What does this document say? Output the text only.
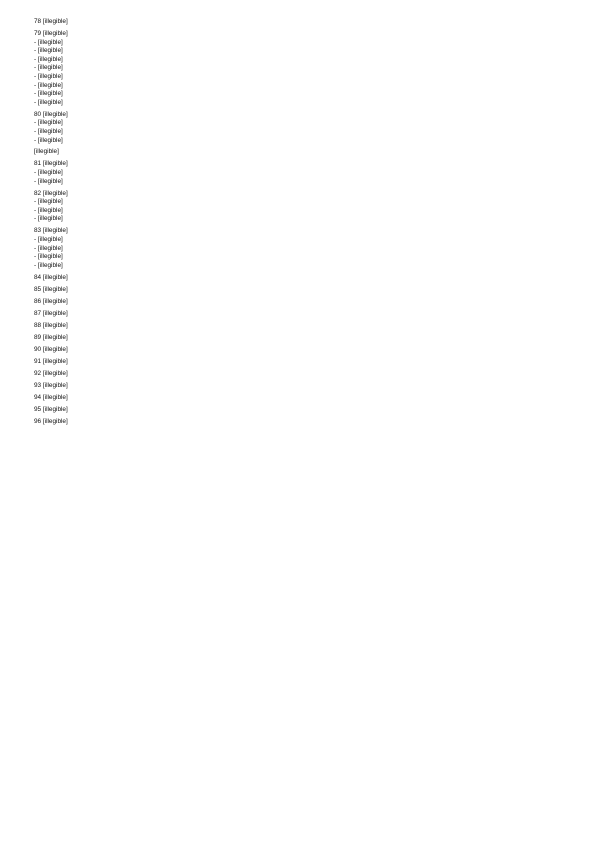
78 [illegible]
79 [illegible]
- [illegible]
- [illegible]
- [illegible]
- [illegible]
- [illegible]
- [illegible]
- [illegible]
- [illegible]
80 [illegible]
- [illegible]
- [illegible]
- [illegible]
[illegible]
81 [illegible]
- [illegible]
- [illegible]
82 [illegible]
- [illegible]
- [illegible]
- [illegible]
83 [illegible]
- [illegible]
- [illegible]
- [illegible]
- [illegible]
84 [illegible]
85 [illegible]
86 [illegible]
87 [illegible]
88 [illegible]
89 [illegible]
90 [illegible]
91 [illegible]
92 [illegible]
93 [illegible]
94 [illegible]
95 [illegible]
96 [illegible]
